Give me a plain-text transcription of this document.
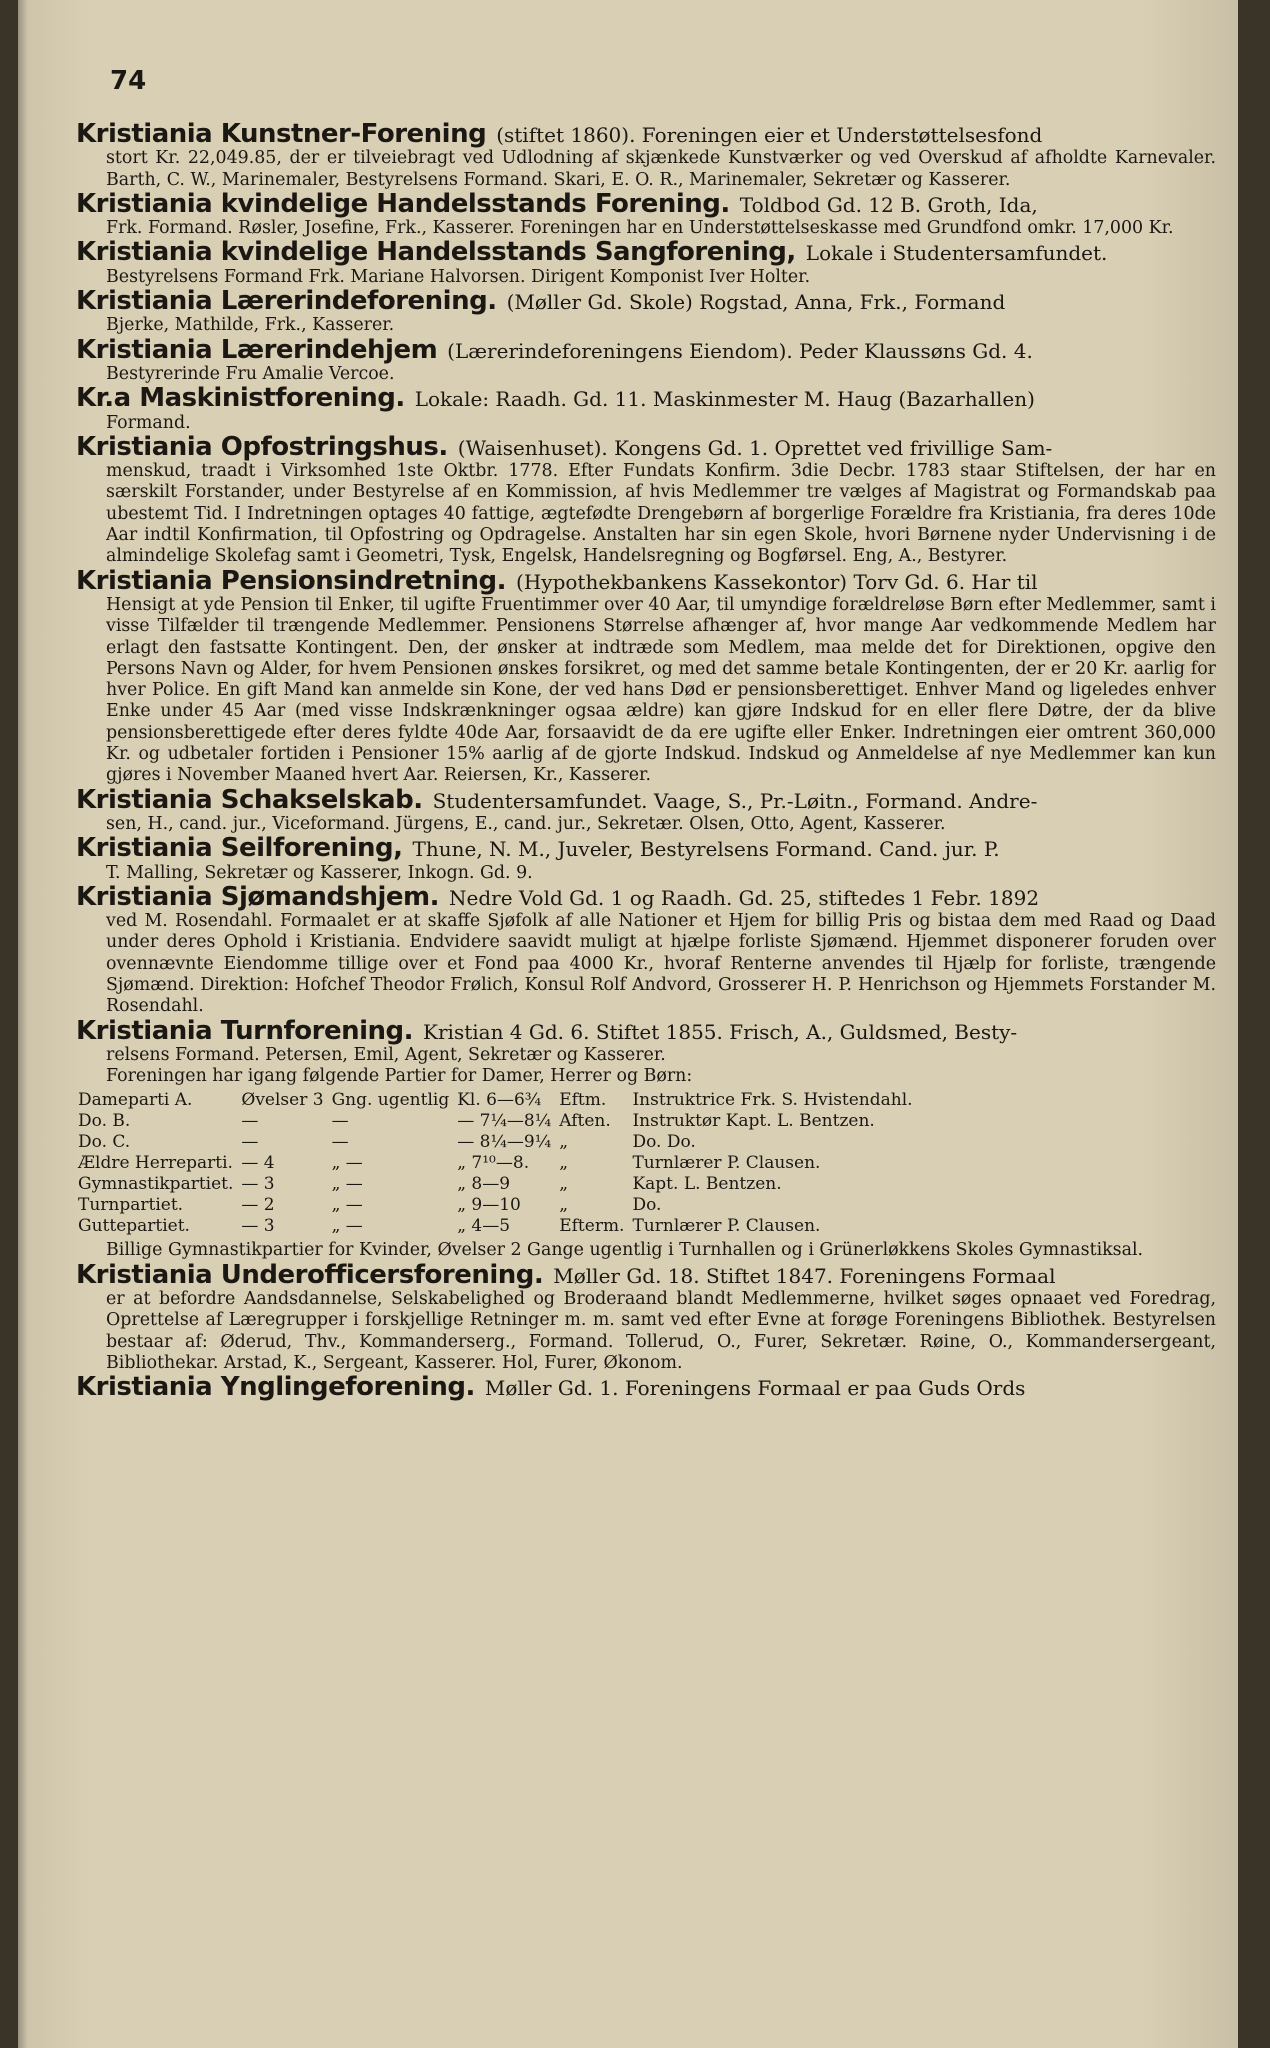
74
Kristiania Kunstner-Forening (stiftet 1860). Foreningen eier et Understøttelsesfond
stort Kr. 22,049.85, der er tilveiebragt ved Udlodning af skjænkede Kunstværker og ved Overskud af afholdte Karnevaler. Barth, C. W., Marinemaler, Bestyrelsens Formand. Skari, E. O. R., Marinemaler, Sekretær og Kasserer.
Kristiania kvindelige Handelsstands Forening. Toldbod Gd. 12 B. Groth, Ida,
Frk. Formand. Røsler, Josefine, Frk., Kasserer. Foreningen har en Understøttelseskasse med Grundfond omkr. 17,000 Kr.
Kristiania kvindelige Handelsstands Sangforening, Lokale i Studentersamfundet.
Bestyrelsens Formand Frk. Mariane Halvorsen. Dirigent Komponist Iver Holter.
Kristiania Lærerindeforening. (Møller Gd. Skole) Rogstad, Anna, Frk., Formand
Bjerke, Mathilde, Frk., Kasserer.
Kristiania Lærerindehjem (Lærerindeforeningens Eiendom). Peder Klaussøns Gd. 4.
Bestyrerinde Fru Amalie Vercoe.
Kr.a Maskinistforening. Lokale: Raadh. Gd. 11. Maskinmester M. Haug (Bazarhallen)
Formand.
Kristiania Opfostringshus. (Waisenhuset). Kongens Gd. 1. Oprettet ved frivillige Sam-
menskud, traadt i Virksomhed 1ste Oktbr. 1778. Efter Fundats Konfirm. 3die Decbr. 1783 staar Stiftelsen, der har en særskilt Forstander, under Bestyrelse af en Kommission, af hvis Medlemmer tre vælges af Magistrat og Formandskab paa ubestemt Tid. I Indretningen optages 40 fattige, ægtefødte Drengebørn af borgerlige Forældre fra Kristiania, fra deres 10de Aar indtil Konfirmation, til Opfostring og Opdragelse. Anstalten har sin egen Skole, hvori Børnene nyder Undervisning i de almindelige Skolefag samt i Geometri, Tysk, Engelsk, Handelsregning og Bogførsel. Eng, A., Bestyrer.
Kristiania Pensionsindretning. (Hypothekbankens Kassekontor) Torv Gd. 6. Har til
Hensigt at yde Pension til Enker, til ugifte Fruentimmer over 40 Aar, til umyndige forældreløse Børn efter Medlemmer, samt i visse Tilfælder til trængende Medlemmer. Pensionens Størrelse afhænger af, hvor mange Aar vedkommende Medlem har erlagt den fastsatte Kontingent. Den, der ønsker at indtræde som Medlem, maa melde det for Direktionen, opgive den Persons Navn og Alder, for hvem Pensionen ønskes forsikret, og med det samme betale Kontingenten, der er 20 Kr. aarlig for hver Police. En gift Mand kan anmelde sin Kone, der ved hans Død er pensionsberettiget. Enhver Mand og ligeledes enhver Enke under 45 Aar (med visse Indskrænkninger ogsaa ældre) kan gjøre Indskud for en eller flere Døtre, der da blive pensionsberettigede efter deres fyldte 40de Aar, forsaavidt de da ere ugifte eller Enker. Indretningen eier omtrent 360,000 Kr. og udbetaler fortiden i Pensioner 15% aarlig af de gjorte Indskud. Indskud og Anmeldelse af nye Medlemmer kan kun gjøres i November Maaned hvert Aar. Reiersen, Kr., Kasserer.
Kristiania Schakselskab. Studentersamfundet. Vaage, S., Pr.-Løitn., Formand. Andre-
sen, H., cand. jur., Viceformand. Jürgens, E., cand. jur., Sekretær. Olsen, Otto, Agent, Kasserer.
Kristiania Seilforening, Thune, N. M., Juveler, Bestyrelsens Formand. Cand. jur. P.
T. Malling, Sekretær og Kasserer, Inkogn. Gd. 9.
Kristiania Sjømandshjem. Nedre Vold Gd. 1 og Raadh. Gd. 25, stiftedes 1 Febr. 1892
ved M. Rosendahl. Formaalet er at skaffe Sjøfolk af alle Nationer et Hjem for billig Pris og bistaa dem med Raad og Daad under deres Ophold i Kristiania. Endvidere saavidt muligt at hjælpe forliste Sjømænd. Hjemmet disponerer foruden over ovennævnte Eiendomme tillige over et Fond paa 4000 Kr., hvoraf Renterne anvendes til Hjælp for forliste, trængende Sjømænd. Direktion: Hofchef Theodor Frølich, Konsul Rolf Andvord, Grosserer H. P. Henrichson og Hjemmets Forstander M. Rosendahl.
Kristiania Turnforening. Kristian 4 Gd. 6. Stiftet 1855. Frisch, A., Guldsmed, Besty-
relsens Formand. Petersen, Emil, Agent, Sekretær og Kasserer.
Foreningen har igang følgende Partier for Damer, Herrer og Børn:
Dameparti A.	Øvelser 3	Gng. ugentlig	Kl. 6—6¾	Eftm.	Instruktrice Frk. S. Hvistendahl.
Do. B.	—	—	— 7¼—8¼	Aften.	Instruktør Kapt. L. Bentzen.
Do. C.	—	—	— 8¼—9¼	„	Do. Do.
Ældre Herreparti.	— 4	„ —	„ 7¹⁰—8.	„	Turnlærer P. Clausen.
Gymnastikpartiet.	— 3	„ —	„ 8—9	„	Kapt. L. Bentzen.
Turnpartiet.	— 2	„ —	„ 9—10	„	Do.
Guttepartiet.	— 3	„ —	„ 4—5	Efterm.	Turnlærer P. Clausen.
Billige Gymnastikpartier for Kvinder, Øvelser 2 Gange ugentlig i Turnhallen og i Grünerløkkens Skoles Gymnastiksal.
Kristiania Underofficersforening. Møller Gd. 18. Stiftet 1847. Foreningens Formaal
er at befordre Aandsdannelse, Selskabelighed og Broderaand blandt Medlemmerne, hvilket søges opnaaet ved Foredrag, Oprettelse af Læregrupper i forskjellige Retninger m. m. samt ved efter Evne at forøge Foreningens Bibliothek. Bestyrelsen bestaar af: Øderud, Thv., Kommanderserg., Formand. Tollerud, O., Furer, Sekretær. Røine, O., Kommandersergeant, Bibliothekar. Arstad, K., Sergeant, Kasserer. Hol, Furer, Økonom.
Kristiania Ynglingeforening. Møller Gd. 1. Foreningens Formaal er paa Guds Ords
